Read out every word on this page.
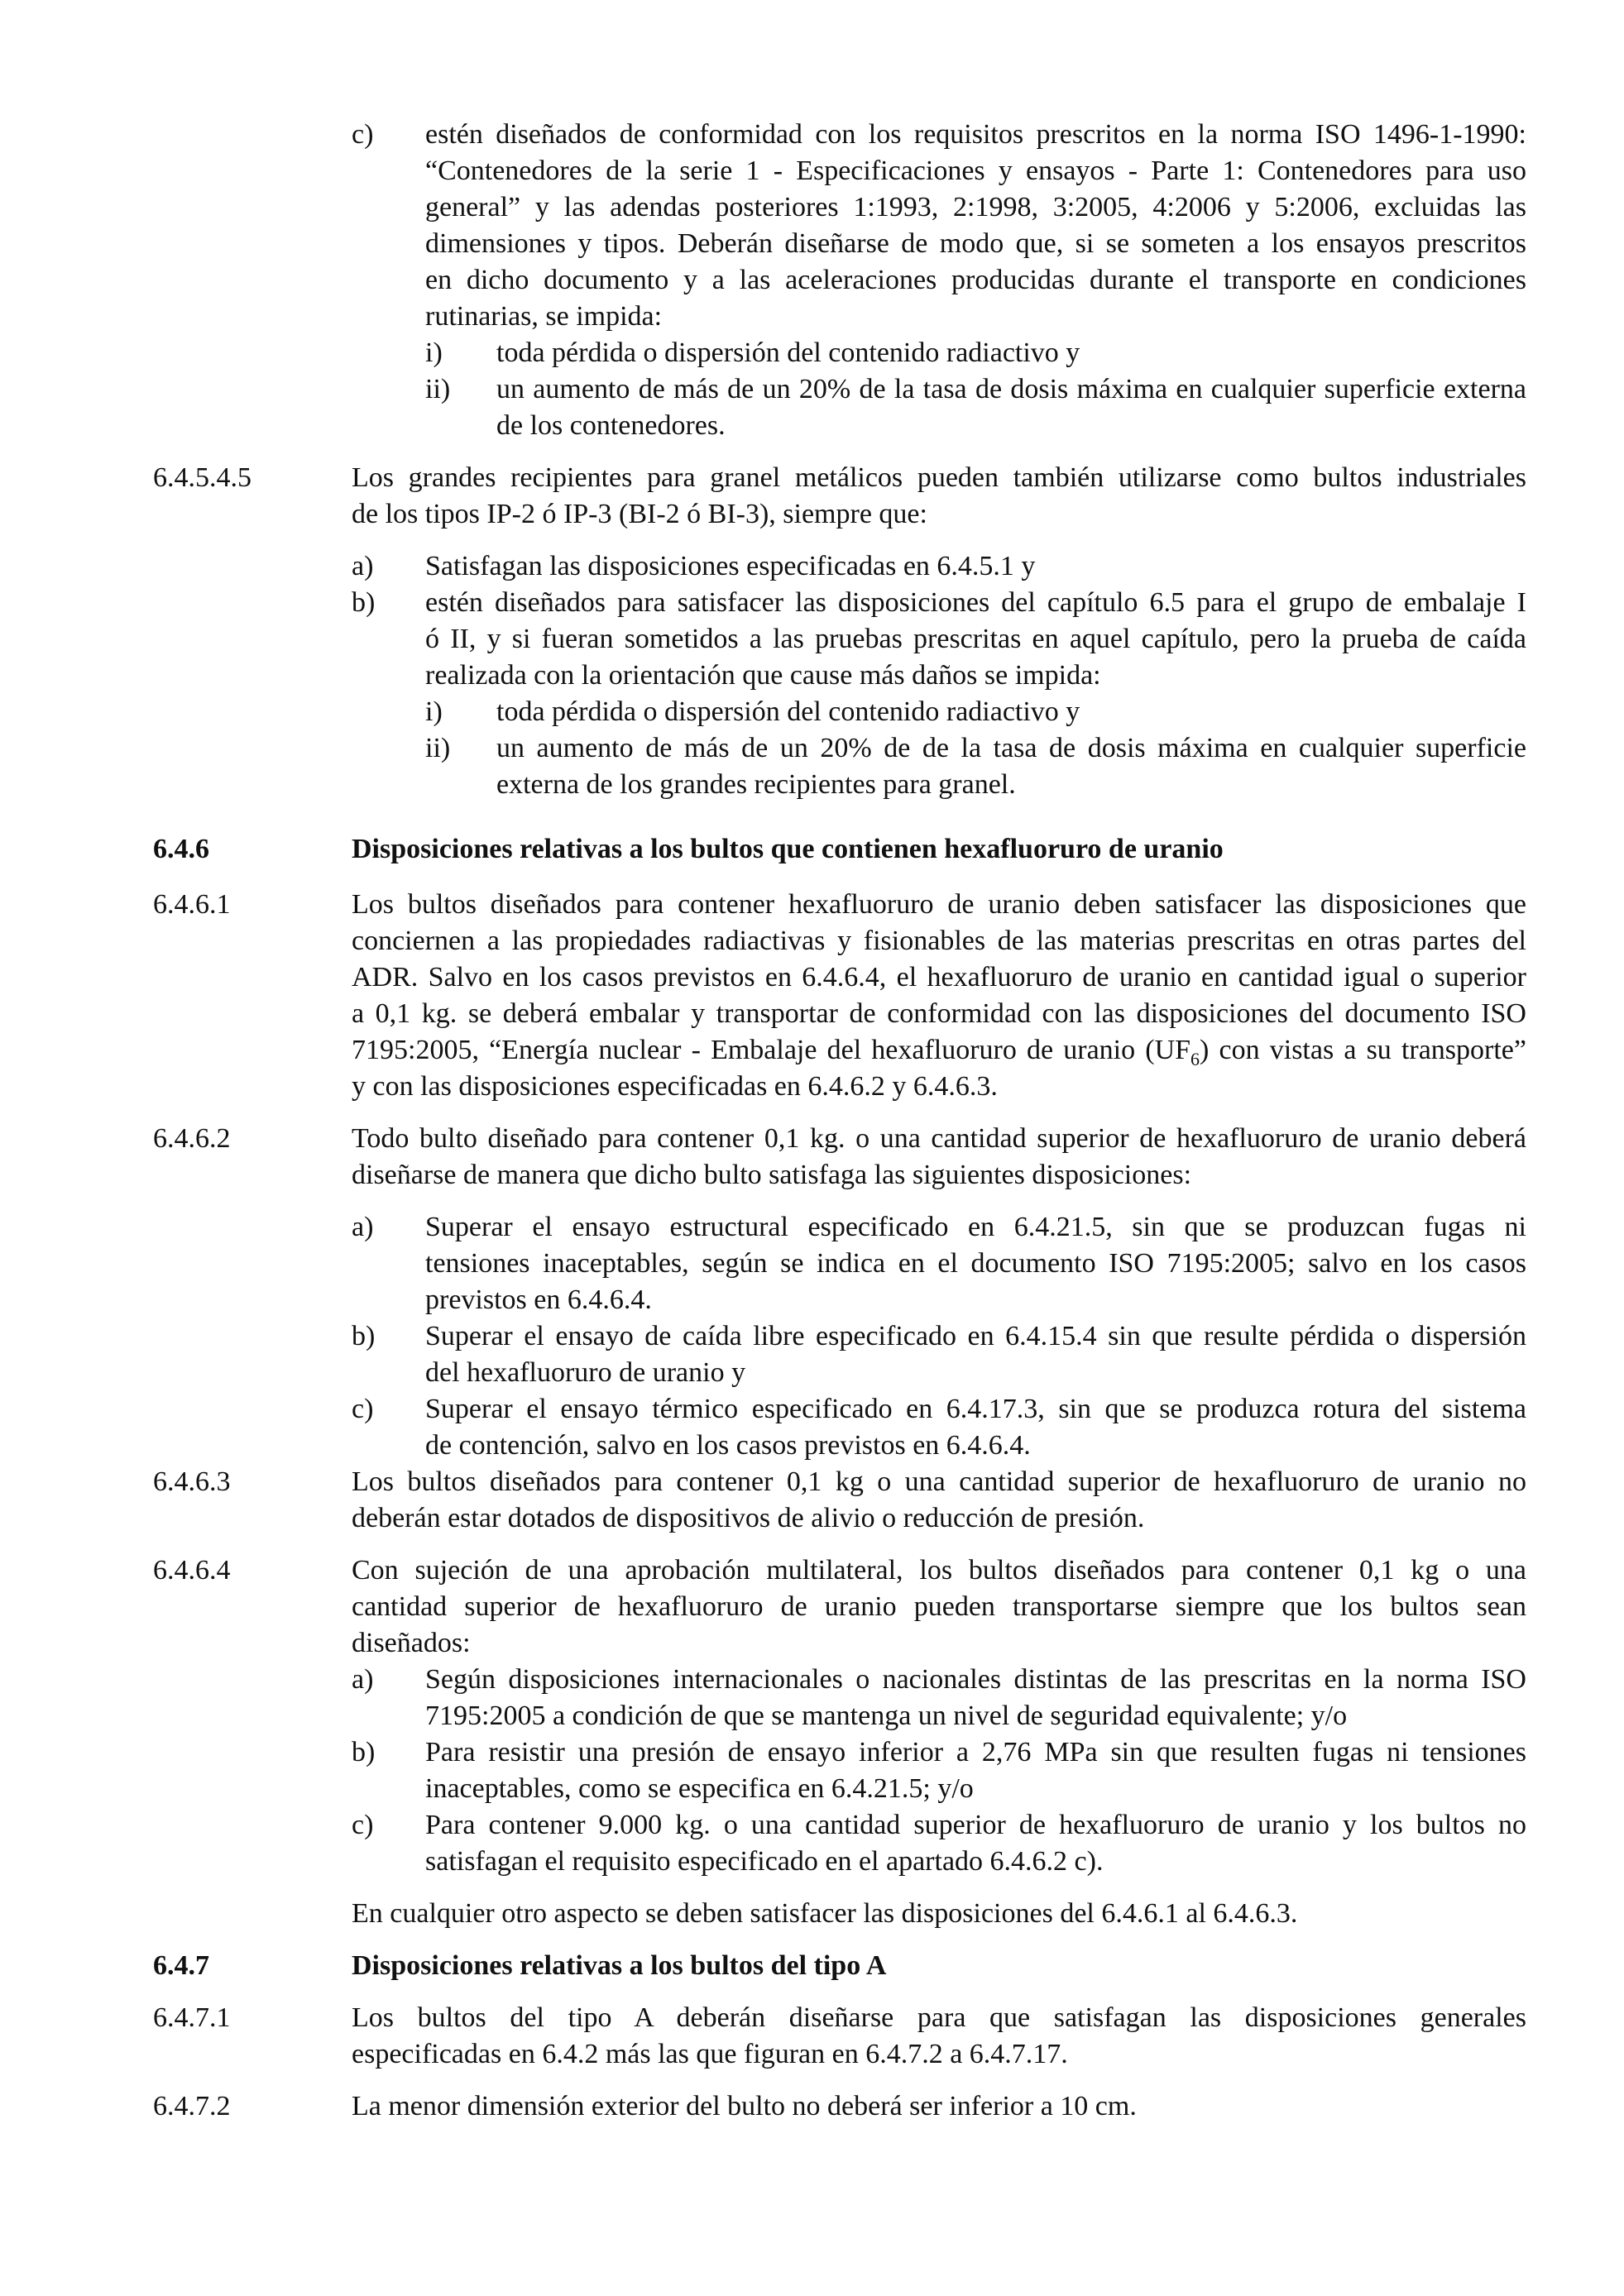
c) estén diseñados de conformidad con los requisitos prescritos en la norma ISO 1496-1-1990:
“Contenedores de la serie 1 - Especificaciones y ensayos - Parte 1: Contenedores para uso
general” y las adendas posteriores 1:1993, 2:1998, 3:2005, 4:2006 y 5:2006, excluidas las
dimensiones y tipos. Deberán diseñarse de modo que, si se someten a los ensayos prescritos
en dicho documento y a las aceleraciones producidas durante el transporte en condiciones
rutinarias, se impida:
i) toda pérdida o dispersión del contenido radiactivo y
ii) un aumento de más de un 20% de la tasa de dosis máxima en cualquier superficie externa
de los contenedores.
6.4.5.4.5	Los grandes recipientes para granel metálicos pueden también utilizarse como bultos industriales
de los tipos IP-2 ó IP-3 (BI-2 ó BI-3), siempre que:
a) Satisfagan las disposiciones especificadas en 6.4.5.1 y
b) estén diseñados para satisfacer las disposiciones del capítulo 6.5 para el grupo de embalaje I
ó II, y si fueran sometidos a las pruebas prescritas en aquel capítulo, pero la prueba de caída
realizada con la orientación que cause más daños se impida:
i) toda pérdida o dispersión del contenido radiactivo y
ii) un aumento de más de un 20% de de la tasa de dosis máxima en cualquier superficie
externa de los grandes recipientes para granel.
6.4.6	Disposiciones relativas a los bultos que contienen hexafluoruro de uranio
6.4.6.1	Los bultos diseñados para contener hexafluoruro de uranio deben satisfacer las disposiciones que
conciernen a las propiedades radiactivas y fisionables de las materias prescritas en otras partes del
ADR. Salvo en los casos previstos en 6.4.6.4, el hexafluoruro de uranio en cantidad igual o superior
a 0,1 kg. se deberá embalar y transportar de conformidad con las disposiciones del documento ISO
7195:2005, “Energía nuclear - Embalaje del hexafluoruro de uranio $(UF_6)$ con vistas a su transporte”
y con las disposiciones especificadas en 6.4.6.2 y 6.4.6.3.
6.4.6.2	Todo bulto diseñado para contener 0,1 kg. o una cantidad superior de hexafluoruro de uranio deberá
diseñarse de manera que dicho bulto satisfaga las siguientes disposiciones:
a) Superar el ensayo estructural especificado en 6.4.21.5, sin que se produzcan fugas ni
tensiones inaceptables, según se indica en el documento ISO 7195:2005; salvo en los casos
previstos en 6.4.6.4.
b) Superar el ensayo de caída libre especificado en 6.4.15.4 sin que resulte pérdida o dispersión
del hexafluoruro de uranio y
c) Superar el ensayo térmico especificado en 6.4.17.3, sin que se produzca rotura del sistema
de contención, salvo en los casos previstos en 6.4.6.4.
6.4.6.3	Los bultos diseñados para contener 0,1 kg o una cantidad superior de hexafluoruro de uranio no
deberán estar dotados de dispositivos de alivio o reducción de presión.
6.4.6.4	Con sujeción de una aprobación multilateral, los bultos diseñados para contener 0,1 kg o una
cantidad superior de hexafluoruro de uranio pueden transportarse siempre que los bultos sean
diseñados:
a) Según disposiciones internacionales o nacionales distintas de las prescritas en la norma ISO
7195:2005 a condición de que se mantenga un nivel de seguridad equivalente; y/o
b) Para resistir una presión de ensayo inferior a 2,76 MPa sin que resulten fugas ni tensiones
inaceptables, como se especifica en 6.4.21.5; y/o
c) Para contener 9.000 kg. o una cantidad superior de hexafluoruro de uranio y los bultos no
satisfagan el requisito especificado en el apartado 6.4.6.2 c).
En cualquier otro aspecto se deben satisfacer las disposiciones del 6.4.6.1 al 6.4.6.3.
6.4.7	Disposiciones relativas a los bultos del tipo A
6.4.7.1	Los bultos del tipo A deberán diseñarse para que satisfagan las disposiciones generales
especificadas en 6.4.2 más las que figuran en 6.4.7.2 a 6.4.7.17.
6.4.7.2	La menor dimensión exterior del bulto no deberá ser inferior a 10 cm.
